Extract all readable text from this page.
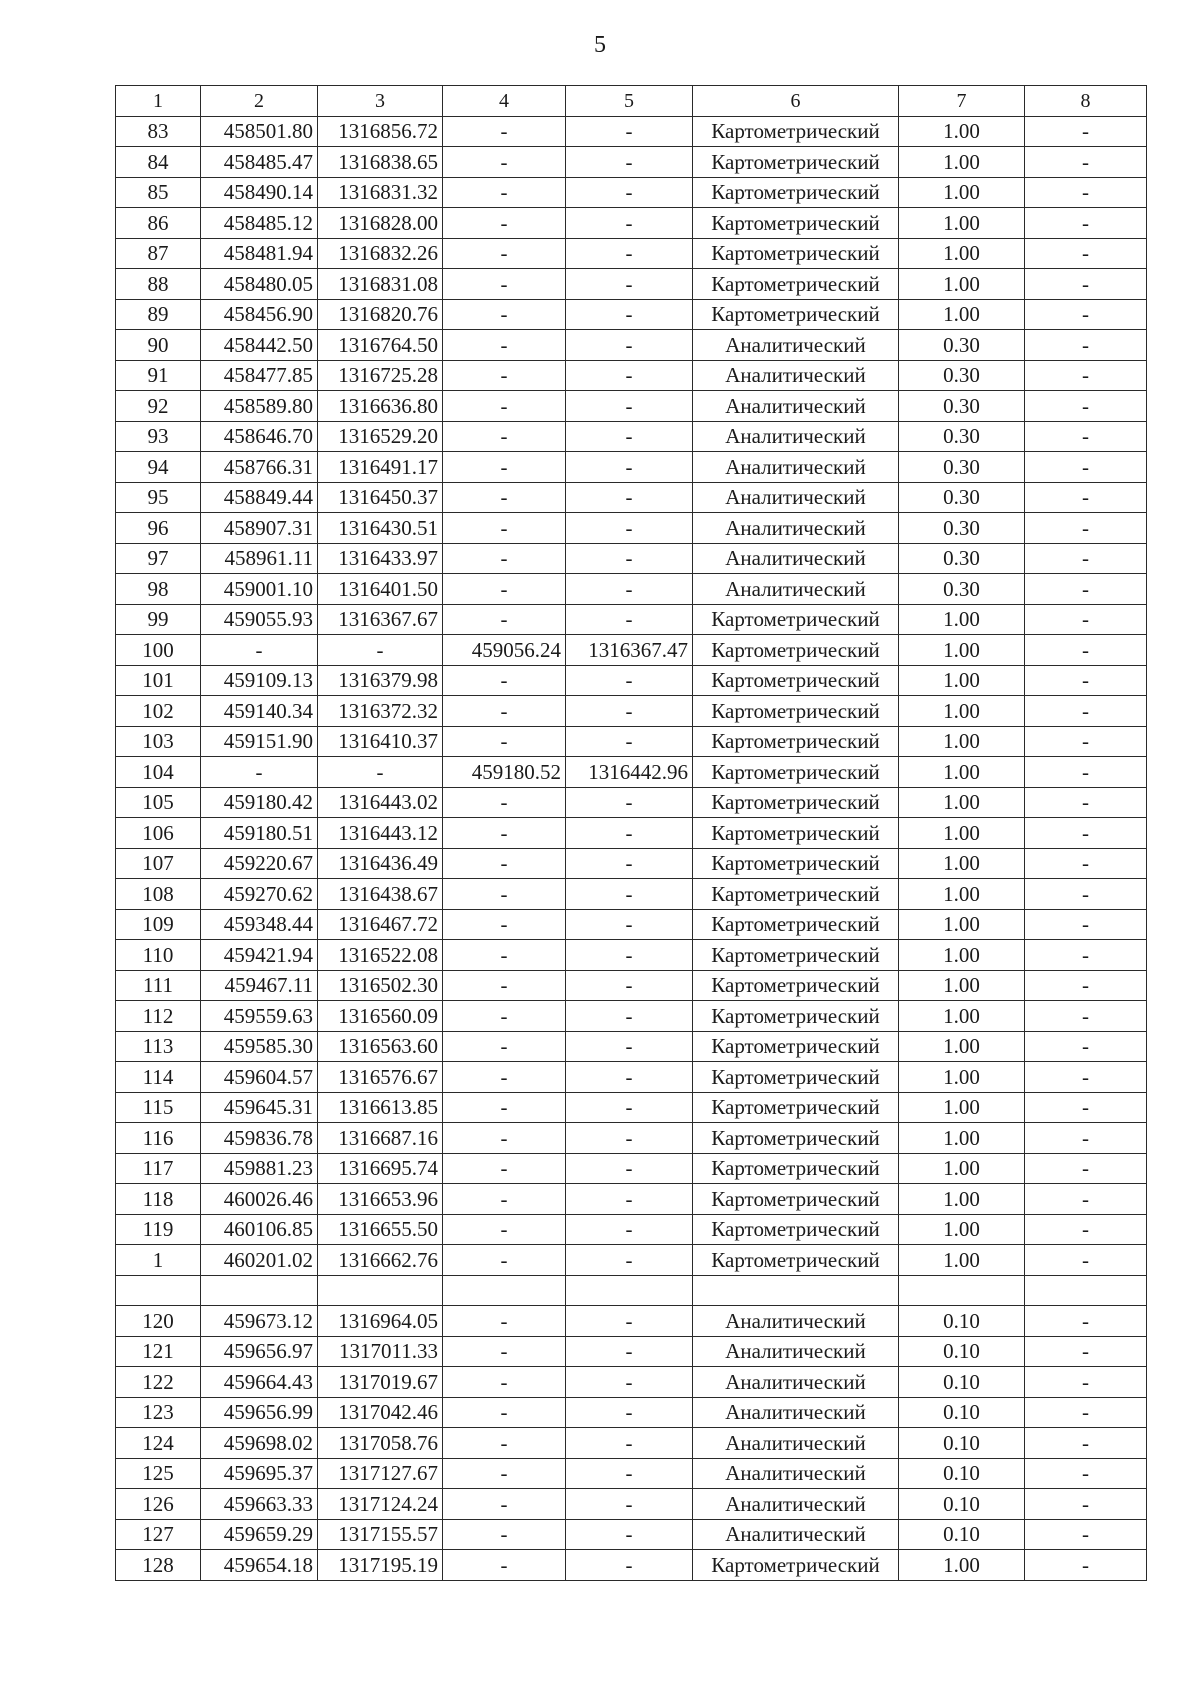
5
1	2	3	4	5	6	7	8
83	458501.80	1316856.72	-	-	Картометрический	1.00	-
84	458485.47	1316838.65	-	-	Картометрический	1.00	-
85	458490.14	1316831.32	-	-	Картометрический	1.00	-
86	458485.12	1316828.00	-	-	Картометрический	1.00	-
87	458481.94	1316832.26	-	-	Картометрический	1.00	-
88	458480.05	1316831.08	-	-	Картометрический	1.00	-
89	458456.90	1316820.76	-	-	Картометрический	1.00	-
90	458442.50	1316764.50	-	-	Аналитический	0.30	-
91	458477.85	1316725.28	-	-	Аналитический	0.30	-
92	458589.80	1316636.80	-	-	Аналитический	0.30	-
93	458646.70	1316529.20	-	-	Аналитический	0.30	-
94	458766.31	1316491.17	-	-	Аналитический	0.30	-
95	458849.44	1316450.37	-	-	Аналитический	0.30	-
96	458907.31	1316430.51	-	-	Аналитический	0.30	-
97	458961.11	1316433.97	-	-	Аналитический	0.30	-
98	459001.10	1316401.50	-	-	Аналитический	0.30	-
99	459055.93	1316367.67	-	-	Картометрический	1.00	-
100	-	-	459056.24	1316367.47	Картометрический	1.00	-
101	459109.13	1316379.98	-	-	Картометрический	1.00	-
102	459140.34	1316372.32	-	-	Картометрический	1.00	-
103	459151.90	1316410.37	-	-	Картометрический	1.00	-
104	-	-	459180.52	1316442.96	Картометрический	1.00	-
105	459180.42	1316443.02	-	-	Картометрический	1.00	-
106	459180.51	1316443.12	-	-	Картометрический	1.00	-
107	459220.67	1316436.49	-	-	Картометрический	1.00	-
108	459270.62	1316438.67	-	-	Картометрический	1.00	-
109	459348.44	1316467.72	-	-	Картометрический	1.00	-
110	459421.94	1316522.08	-	-	Картометрический	1.00	-
111	459467.11	1316502.30	-	-	Картометрический	1.00	-
112	459559.63	1316560.09	-	-	Картометрический	1.00	-
113	459585.30	1316563.60	-	-	Картометрический	1.00	-
114	459604.57	1316576.67	-	-	Картометрический	1.00	-
115	459645.31	1316613.85	-	-	Картометрический	1.00	-
116	459836.78	1316687.16	-	-	Картометрический	1.00	-
117	459881.23	1316695.74	-	-	Картометрический	1.00	-
118	460026.46	1316653.96	-	-	Картометрический	1.00	-
119	460106.85	1316655.50	-	-	Картометрический	1.00	-
1	460201.02	1316662.76	-	-	Картометрический	1.00	-

120	459673.12	1316964.05	-	-	Аналитический	0.10	-
121	459656.97	1317011.33	-	-	Аналитический	0.10	-
122	459664.43	1317019.67	-	-	Аналитический	0.10	-
123	459656.99	1317042.46	-	-	Аналитический	0.10	-
124	459698.02	1317058.76	-	-	Аналитический	0.10	-
125	459695.37	1317127.67	-	-	Аналитический	0.10	-
126	459663.33	1317124.24	-	-	Аналитический	0.10	-
127	459659.29	1317155.57	-	-	Аналитический	0.10	-
128	459654.18	1317195.19	-	-	Картометрический	1.00	-
